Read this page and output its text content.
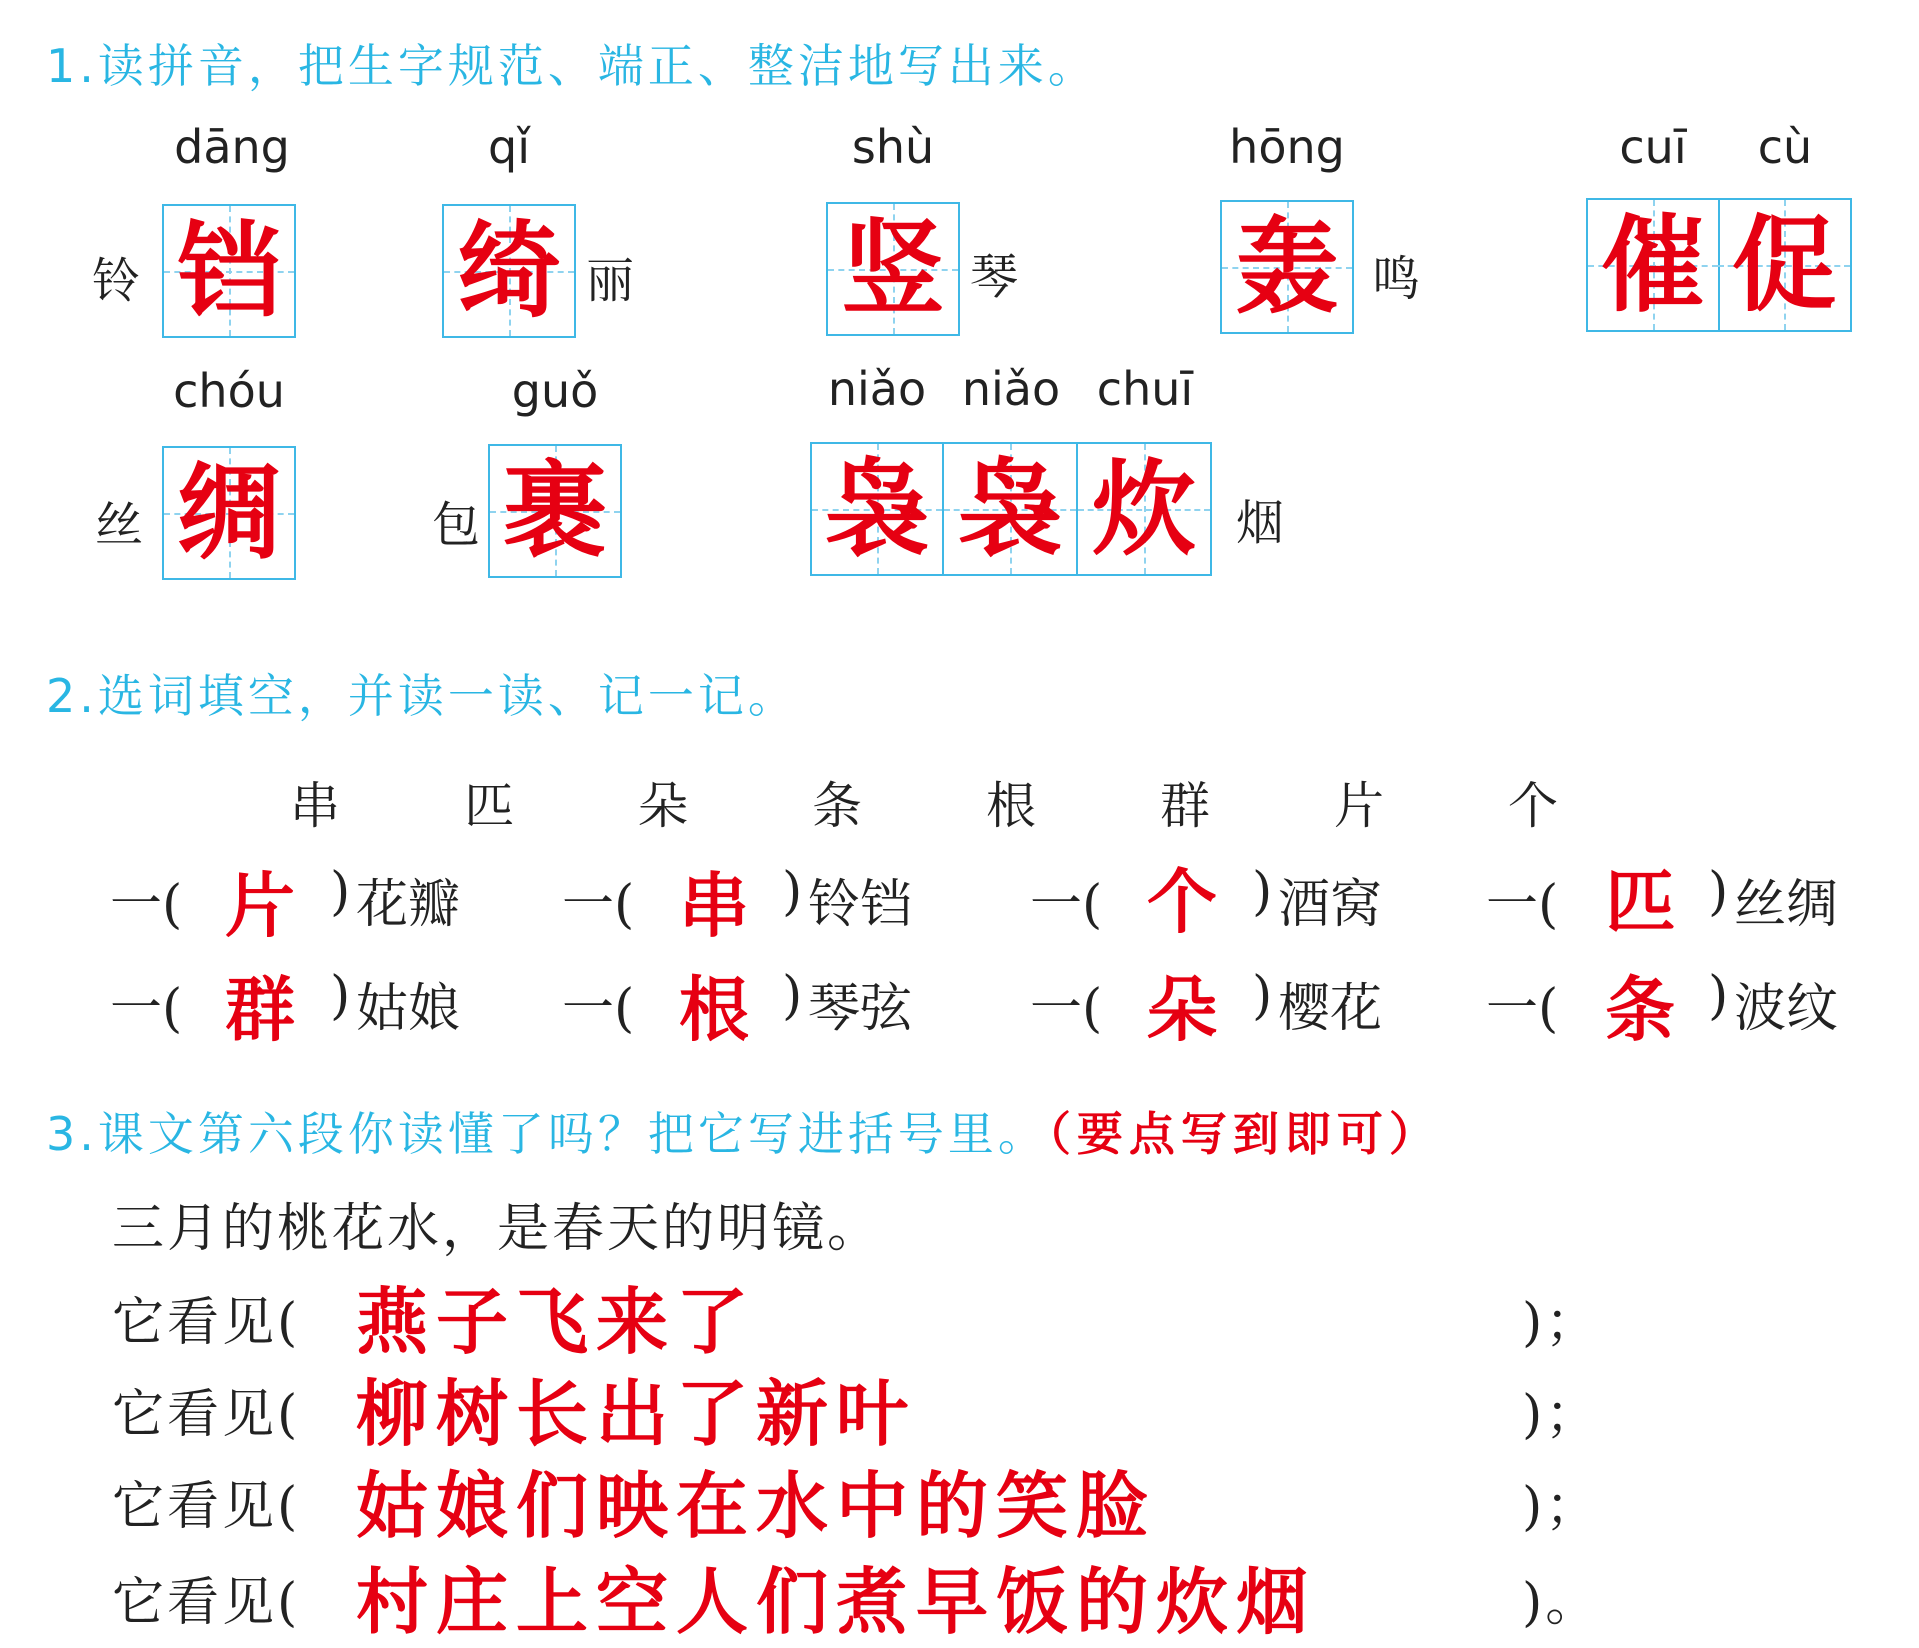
1.读拼音，把生字规范、端正、整洁地写出来。
dāng
铃 铛
qǐ
绮 丽
shù
竖 琴
hōng
轰 鸣
cuī	cù
催 促
chóu
丝 绸
guǒ
包 裹
niǎo niǎo chuī
袅 袅 炊 烟
2.选词填空，并读一读、记一记。
串 匹 朵 条 根 群 片 个
一( 片 ) 花瓣 一( 串 ) 铃铛 一( 个 ) 酒窝 一( 匹 ) 丝绸
一( 群 ) 姑娘 一( 根 ) 琴弦 一( 朵 ) 樱花 一( 条 ) 波纹
3.课文第六段你读懂了吗？把它写进括号里。（要点写到即可）
三月的桃花水，是春天的明镜。
它看见( 燕子飞来了	)；
它看见( 柳树长出了新叶	)；
它看见( 姑娘们映在水中的笑脸	)；
它看见( 村庄上空人们煮早饭的炊烟	)。
